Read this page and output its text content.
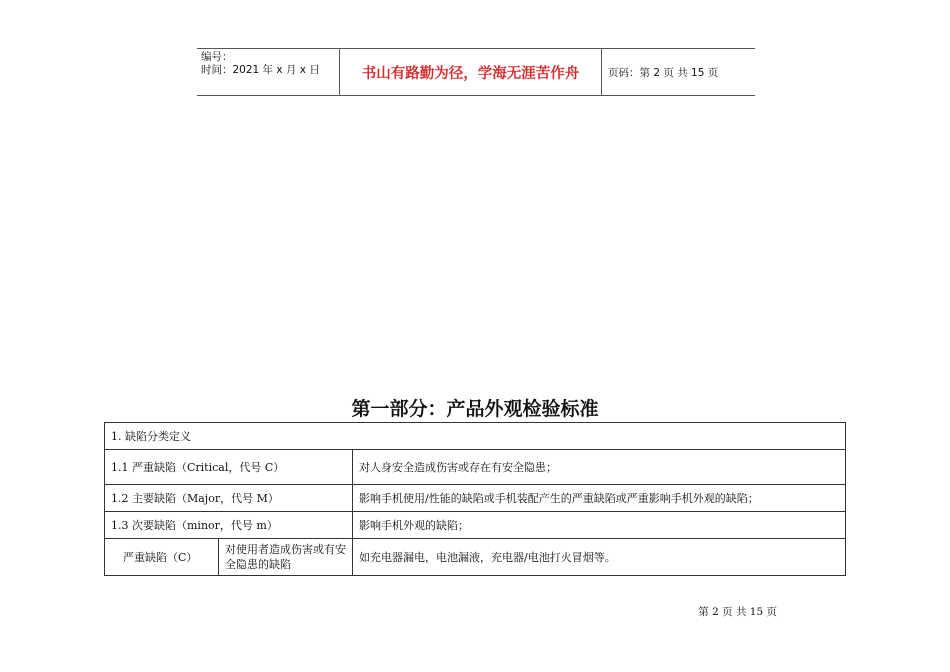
编号：
时间：2021 年 x 月 x 日	书山有路勤为径，学海无涯苦作舟	页码：第 2 页 共 15 页
第一部分：产品外观检验标准
1. 缺陷分类定义		
1.1 严重缺陷（Critical，代号 C）		对人身安全造成伤害或存在有安全隐患；
1.2 主要缺陷（Major，代号 M）		影响手机使用/性能的缺陷或手机装配产生的严重缺陷或严重影响手机外观的缺陷；
1.3 次要缺陷（minor，代号 m）		影响手机外观的缺陷；
严重缺陷（C）	对使用者造成伤害或有安全隐患的缺陷	如充电器漏电，电池漏液，充电器/电池打火冒烟等。
第 2 页 共 15 页
